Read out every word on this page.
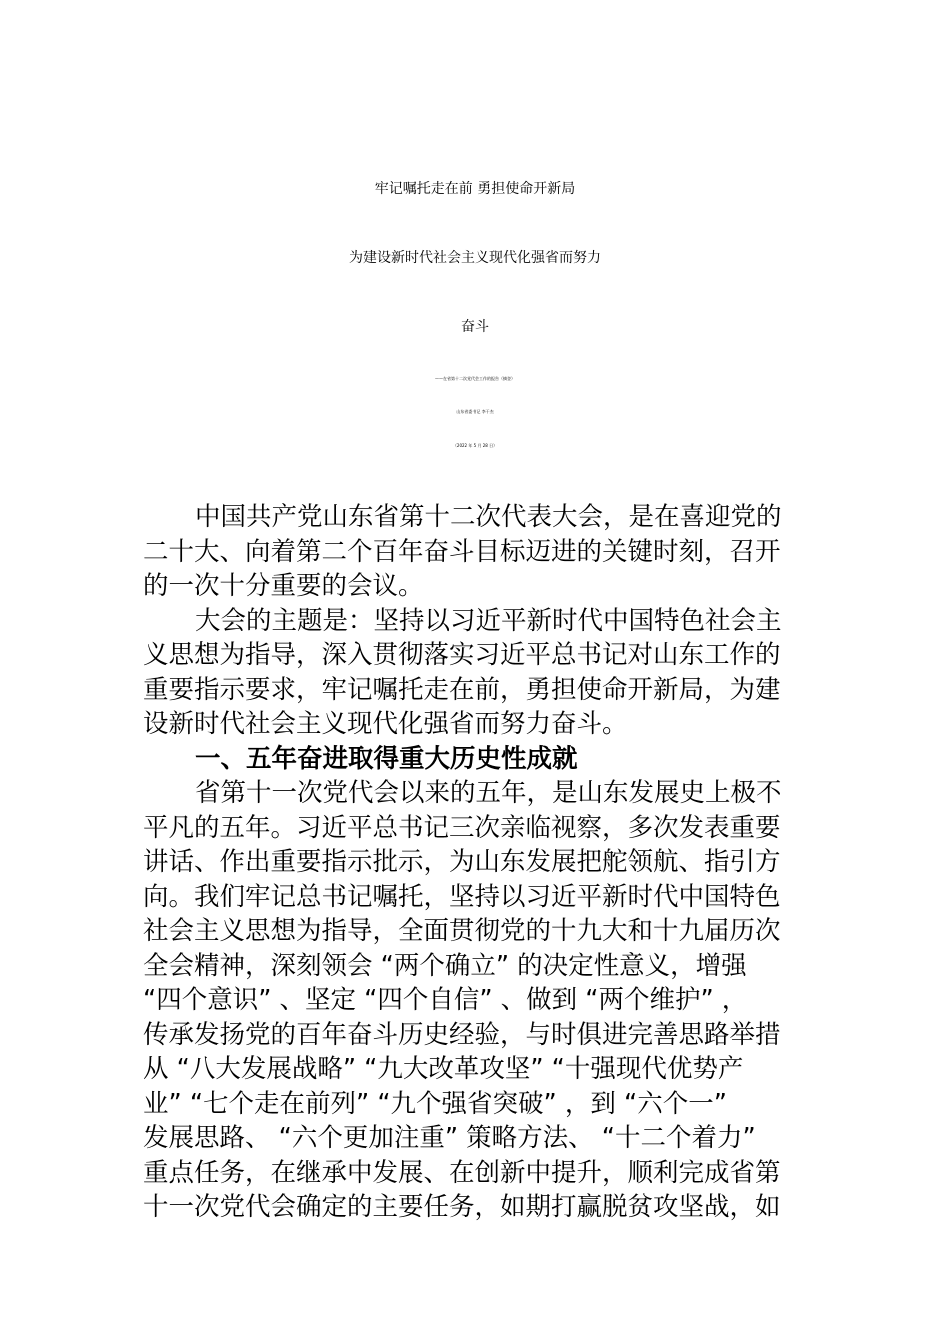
牢记嘱托走在前 勇担使命开新局
为建设新时代社会主义现代化强省而努力
奋斗
——在省第十二次党代会工作的报告（摘登）
山东省委书记 李干杰
（2022 年 5 月 28 日）
中国共产党山东省第十二次代表大会，是在喜迎党的
二十大、向着第二个百年奋斗目标迈进的关键时刻，召开
的一次十分重要的会议。
大会的主题是：坚持以习近平新时代中国特色社会主
义思想为指导，深入贯彻落实习近平总书记对山东工作的
重要指示要求，牢记嘱托走在前，勇担使命开新局，为建
设新时代社会主义现代化强省而努力奋斗。
一、五年奋进取得重大历史性成就
省第十一次党代会以来的五年，是山东发展史上极不
平凡的五年。习近平总书记三次亲临视察，多次发表重要
讲话、作出重要指示批示，为山东发展把舵领航、指引方
向。我们牢记总书记嘱托，坚持以习近平新时代中国特色
社会主义思想为指导，全面贯彻党的十九大和十九届历次
全会精神，深刻领会 “两个确立” 的决定性意义，增强
“四个意识” 、坚定 “四个自信” 、做到 “两个维护” ，
传承发扬党的百年奋斗历史经验，与时俱进完善思路举措
从 “八大发展战略” “九大改革攻坚” “十强现代优势产
业” “七个走在前列” “九个强省突破” ，到 “六个一”
发展思路、 “六个更加注重” 策略方法、 “十二个着力”
重点任务，在继承中发展、在创新中提升，顺利完成省第
十一次党代会确定的主要任务，如期打赢脱贫攻坚战，如
